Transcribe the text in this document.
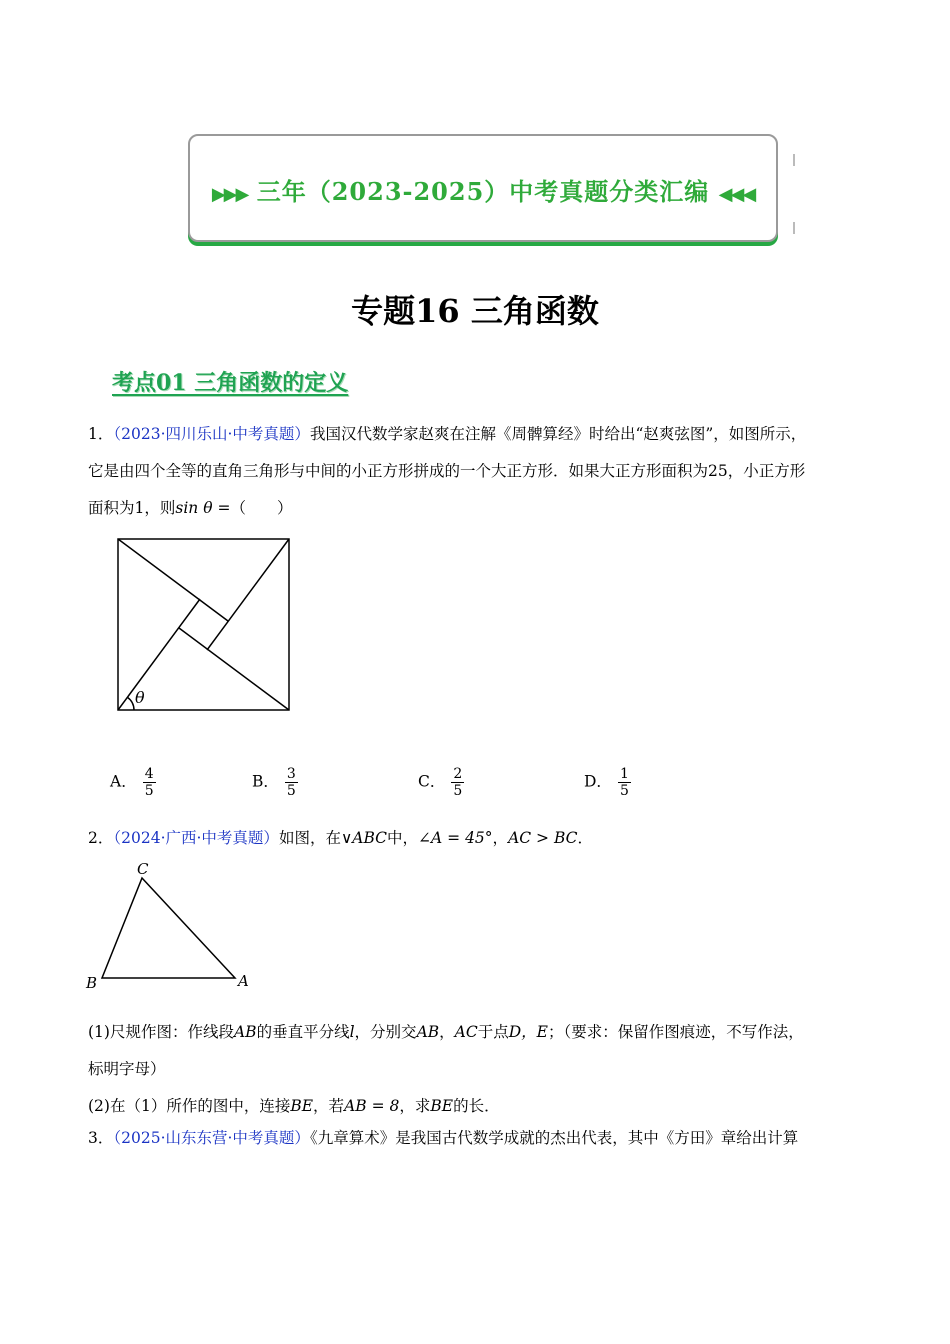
▶▶▶ 三年（2023-2025）中考真题分类汇编 ◀◀◀
专题16 三角函数
考点01 三角函数的定义
1．（2023·四川乐山·中考真题）我国汉代数学家赵爽在注解《周髀算经》时给出“赵爽弦图”，如图所示，
它是由四个全等的直角三角形与中间的小正方形拼成的一个大正方形．如果大正方形面积为25，小正方形
面积为1，则sin θ =（　　）
θ
A． $\frac{4}{5}$	B． $\frac{3}{5}$	C． $\frac{2}{5}$	D． $\frac{1}{5}$
2．（2024·广西·中考真题）如图，在∨ABC中，∠A = 45°，AC > BC．
C
B	A
(1)尺规作图：作线段AB的垂直平分线l，分别交AB，AC于点D，E；（要求：保留作图痕迹，不写作法，
标明字母）
(2)在（1）所作的图中，连接BE，若AB = 8，求BE的长．
3．（2025·山东东营·中考真题）《九章算术》是我国古代数学成就的杰出代表，其中《方田》章给出计算
